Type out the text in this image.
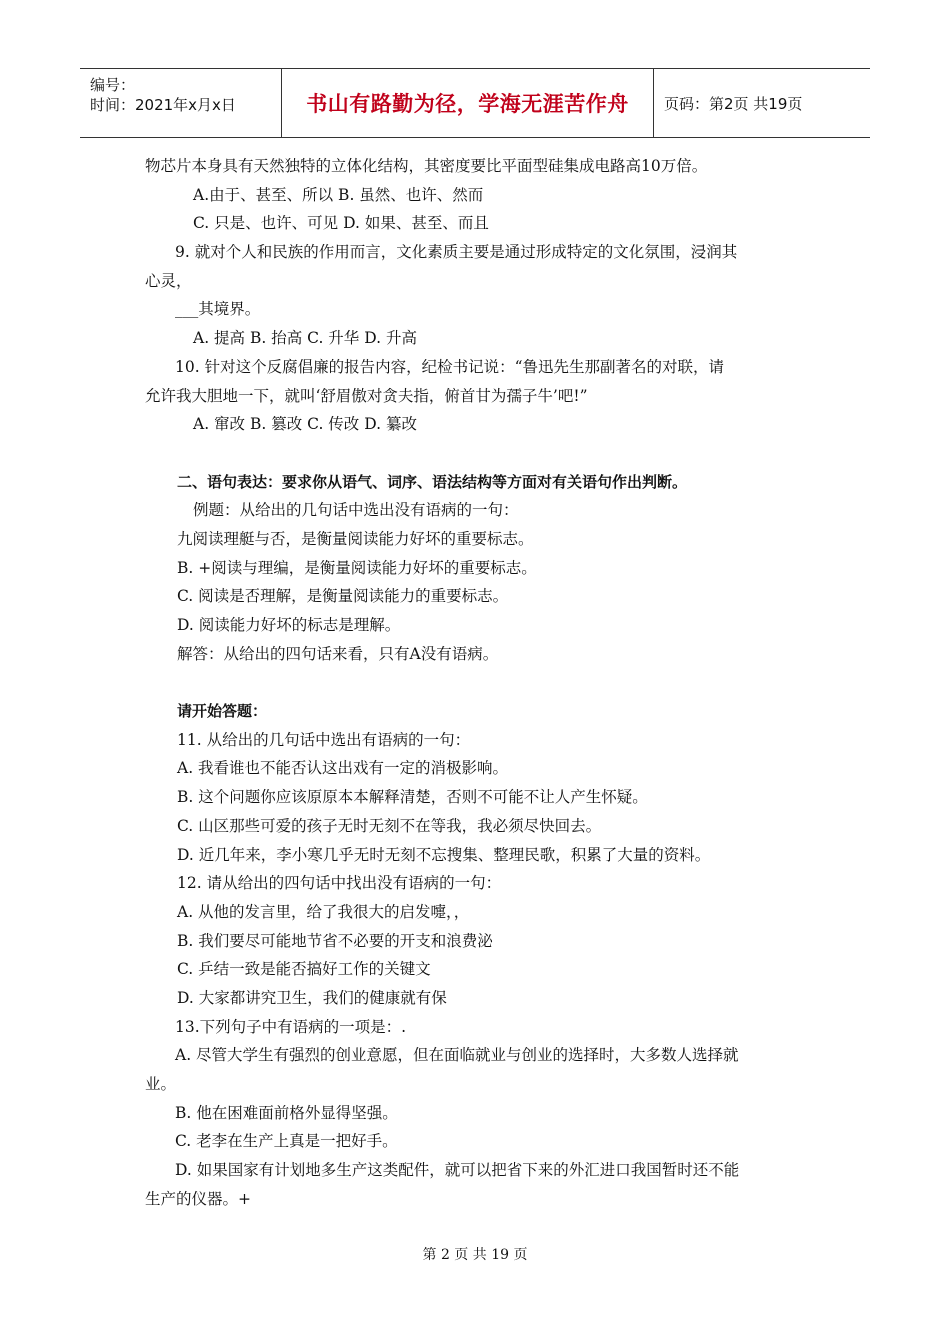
编号：
时间：2021年x月x日	书山有路勤为径，学海无涯苦作舟	页码：第2页 共19页
物芯片本身具有天然独特的立体化结构，其密度要比平面型硅集成电路高10万倍。
A.由于、甚至、所以 B. 虽然、也许、然而
C. 只是、也许、可见 D. 如果、甚至、而且
9. 就对个人和民族的作用而言，文化素质主要是通过形成特定的文化氛围，浸润其
心灵，
___其境界。
A. 提高 B. 抬高 C. 升华 D. 升高
10. 针对这个反腐倡廉的报告内容，纪检书记说：“鲁迅先生那副著名的对联，请
允许我大胆地一下，就叫‘舒眉傲对贪夫指，俯首甘为孺子牛’吧!”
A. 窜改 B. 篡改 C. 传改 D. 纂改
二、语句表达：要求你从语气、词序、语法结构等方面对有关语句作出判断。
例题：从给出的几句话中选出没有语病的一句：
九阅读理艇与否，是衡量阅读能力好坏的重要标志。
B. +阅读与理编，是衡量阅读能力好坏的重要标志。
C. 阅读是否理解，是衡量阅读能力的重要标志。
D. 阅读能力好坏的标志是理解。
解答：从给出的四句话来看，只有A没有语病。
请开始答题：
11. 从给出的几句话中选出有语病的一句：
A. 我看谁也不能否认这出戏有一定的消极影响。
B. 这个问题你应该原原本本解释清楚，否则不可能不让人产生怀疑。
C. 山区那些可爱的孩子无时无刻不在等我，我必须尽快回去。
D. 近几年来，李小寒几乎无时无刻不忘搜集、整理民歌，积累了大量的资料。
12. 请从给出的四句话中找出没有语病的一句：
A. 从他的发言里，给了我很大的启发嚏，，
B. 我们要尽可能地节省不必要的开支和浪费泌
C. 乒结一致是能否搞好工作的关键文
D. 大家都讲究卫生，我们的健康就有保
13.下列句子中有语病的一项是：.
A. 尽管大学生有强烈的创业意愿，但在面临就业与创业的选择时，大多数人选择就
业。
B. 他在困难面前格外显得坚强。
C. 老李在生产上真是一把好手。
D. 如果国家有计划地多生产这类配件，就可以把省下来的外汇进口我国暂时还不能
生产的仪器。+
第 2 页 共 19 页
